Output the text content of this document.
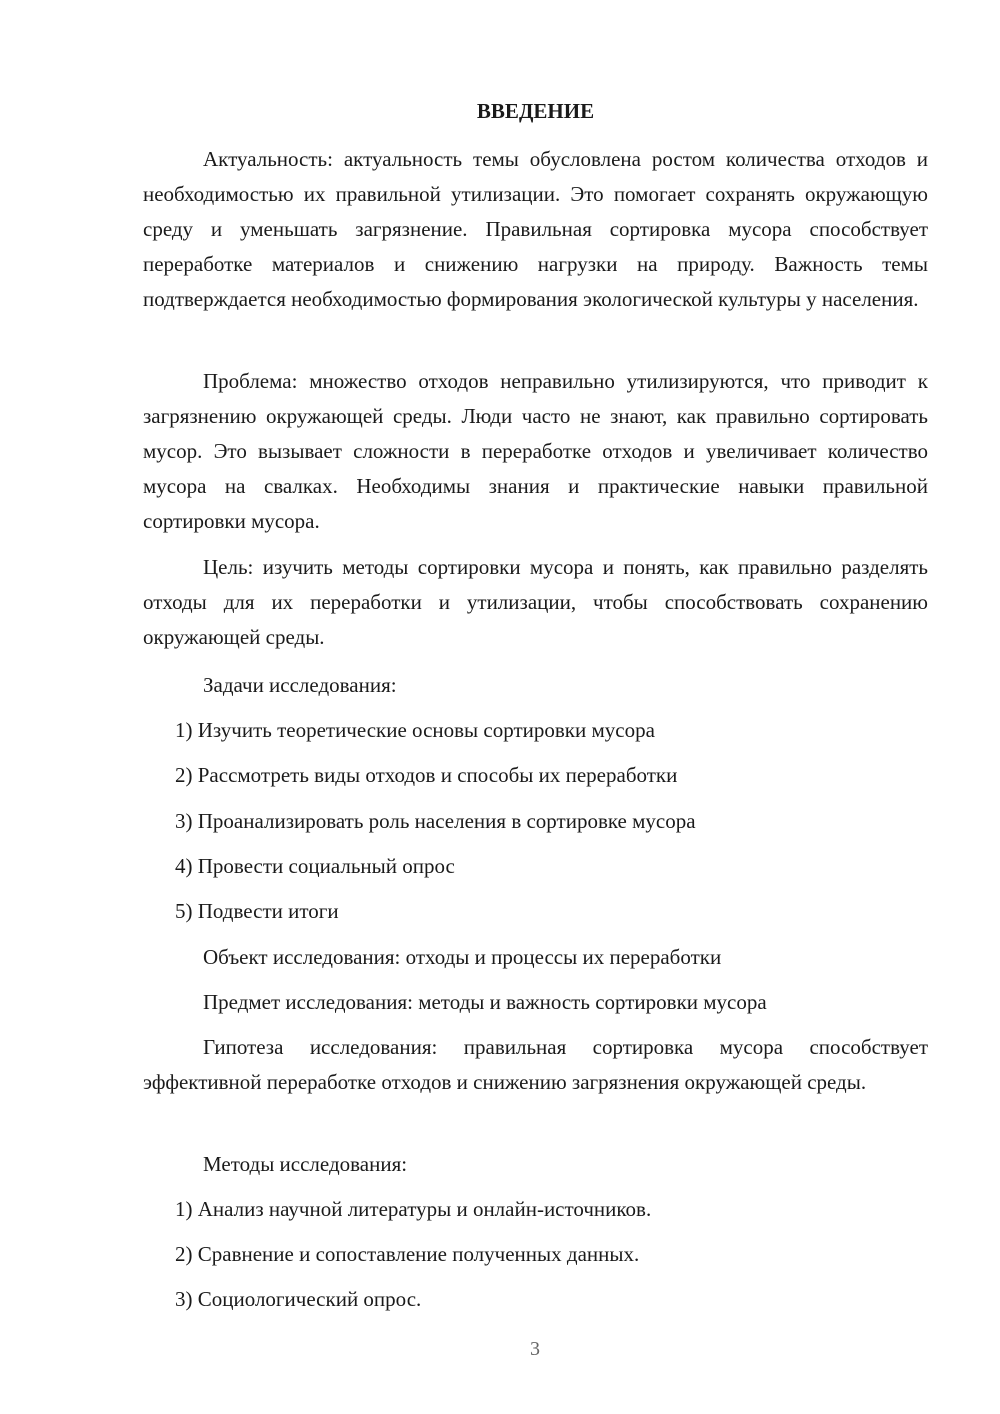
ВВЕДЕНИЕ
Актуальность: актуальность темы обусловлена ростом количества отходов и необходимостью их правильной утилизации. Это помогает сохранять окружающую среду и уменьшать загрязнение. Правильная сортировка мусора способствует переработке материалов и снижению нагрузки на природу. Важность темы подтверждается необходимостью формирования экологической культуры у населения.
Проблема: множество отходов неправильно утилизируются, что приводит к загрязнению окружающей среды. Люди часто не знают, как правильно сортировать мусор. Это вызывает сложности в переработке отходов и увеличивает количество мусора на свалках. Необходимы знания и практические навыки правильной сортировки мусора.
Цель: изучить методы сортировки мусора и понять, как правильно разделять отходы для их переработки и утилизации, чтобы способствовать сохранению окружающей среды.
Задачи исследования:
1) Изучить теоретические основы сортировки мусора
2) Рассмотреть виды отходов и способы их переработки
3) Проанализировать роль населения в сортировке мусора
4) Провести социальный опрос
5) Подвести итоги
Объект исследования: отходы и процессы их переработки
Предмет исследования: методы и важность сортировки мусора
Гипотеза исследования: правильная сортировка мусора способствует эффективной переработке отходов и снижению загрязнения окружающей среды.
Методы исследования:
1) Анализ научной литературы и онлайн-источников.
2) Сравнение и сопоставление полученных данных.
3) Социологический опрос.
3
